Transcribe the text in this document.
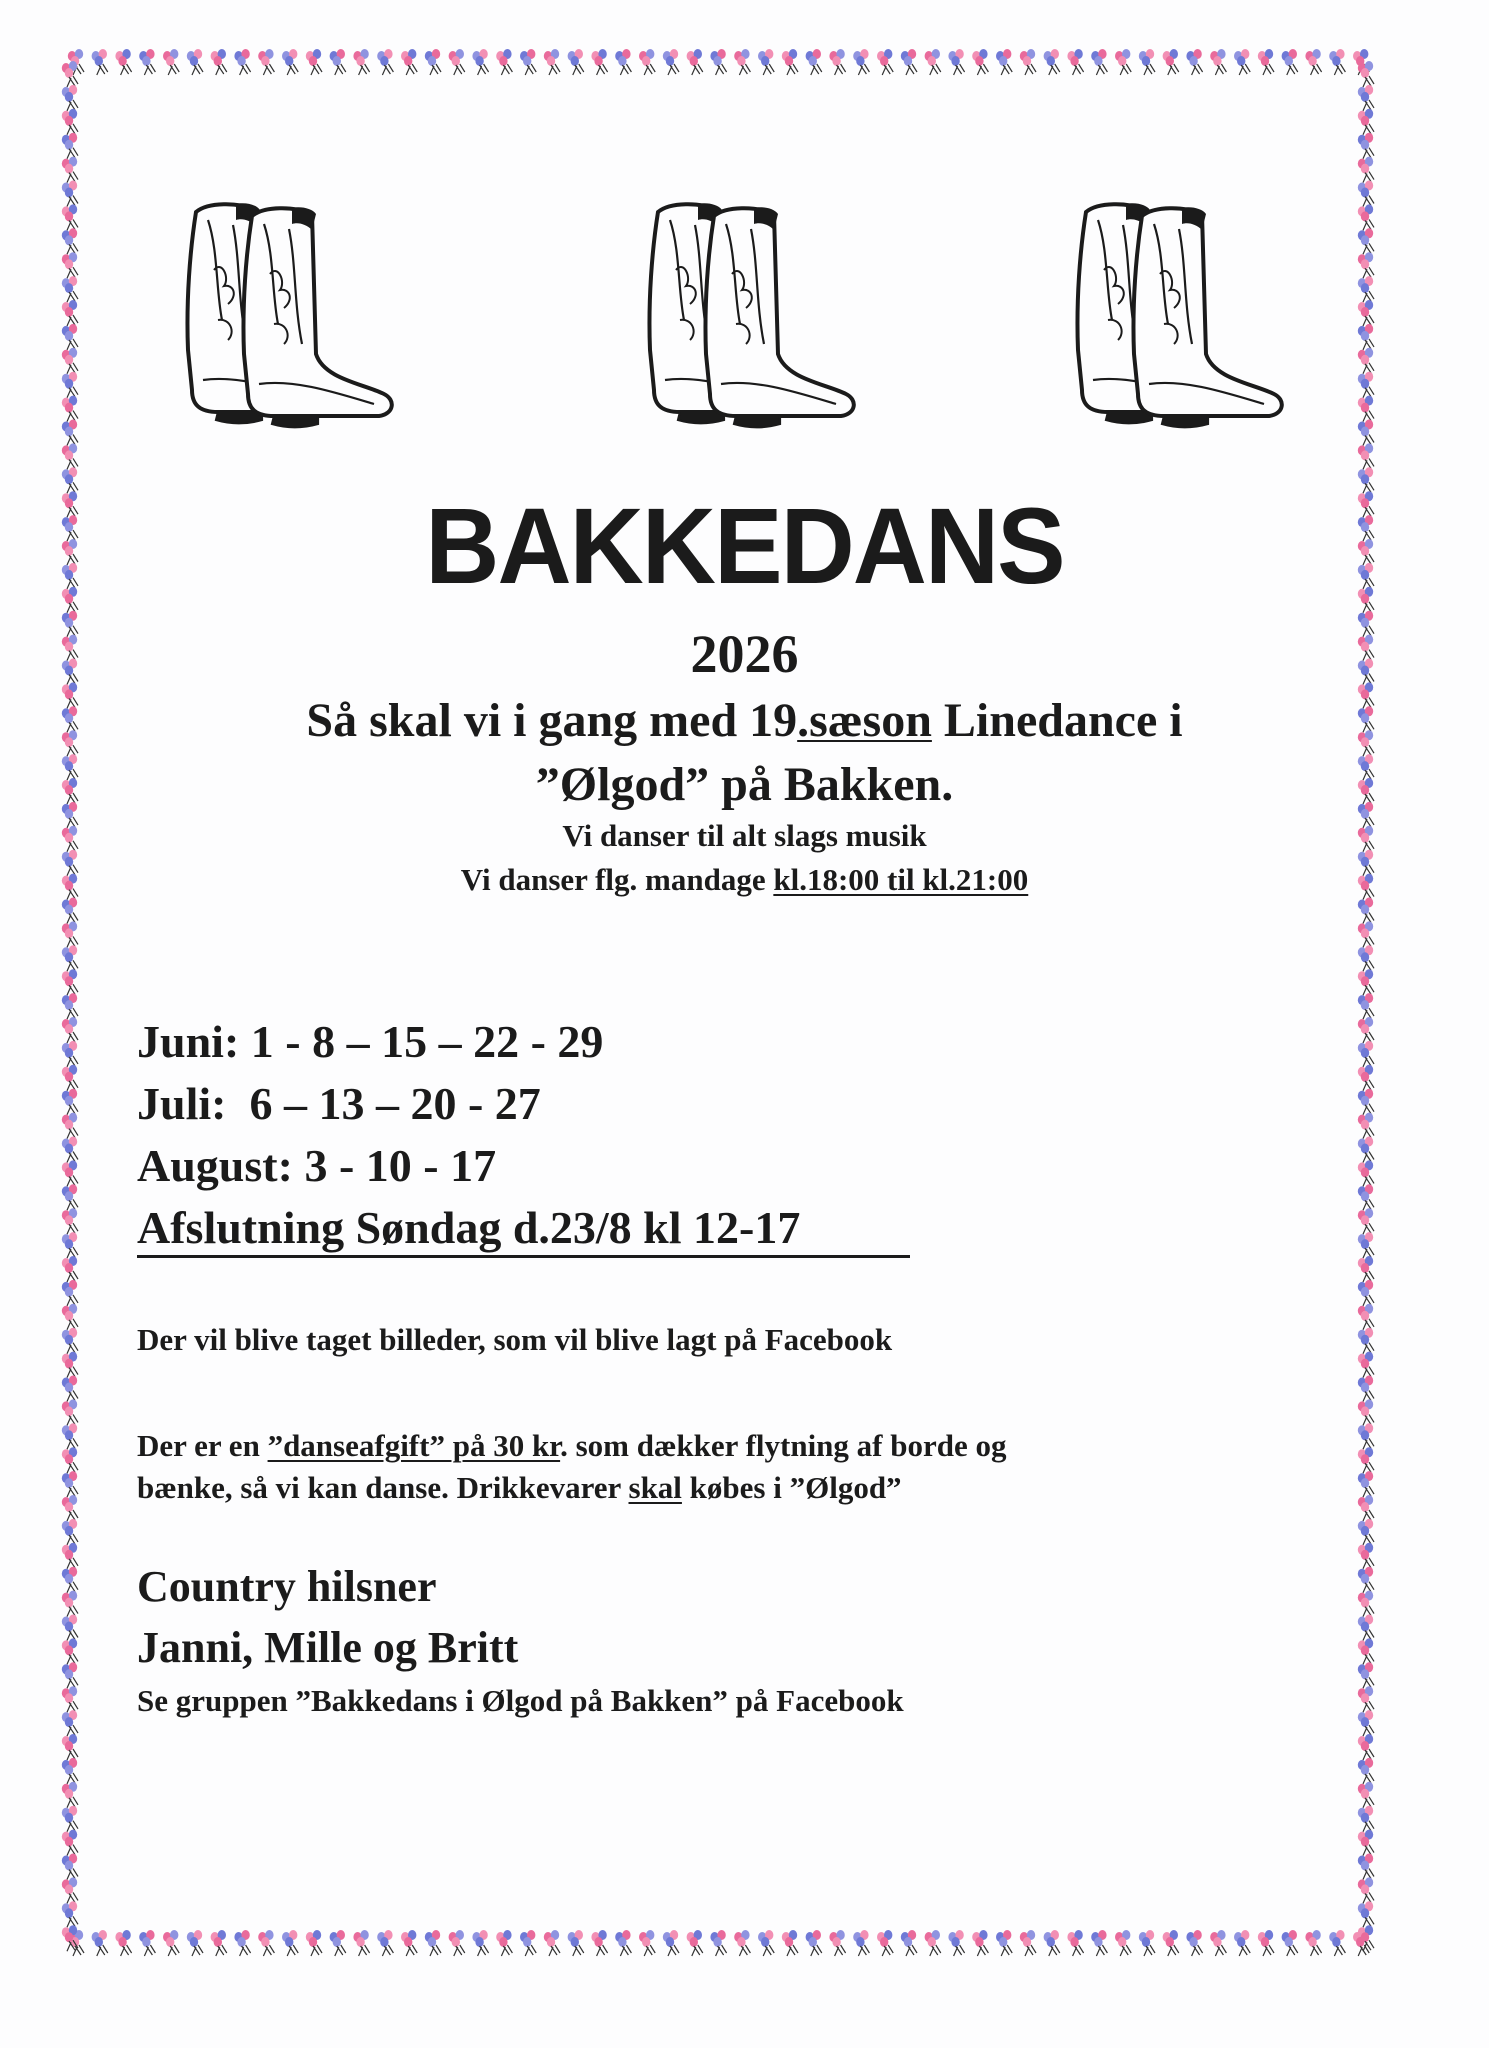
BAKKEDANS

2026

Så skal vi i gang med 19.sæson Linedance i

”Ølgod” på Bakken.

Vi danser til alt slags musik

Vi danser flg. mandage kl.18:00 til kl.21:00

Juni: 1 - 8 – 15 – 22 - 29

Juli:  6 – 13 – 20 - 27

August: 3 - 10 - 17

Afslutning Søndag d.23/8 kl 12-17

Der vil blive taget billeder, som vil blive lagt på Facebook

Der er en ”danseafgift” på 30 kr. som dækker flytning af borde og

bænke, så vi kan danse. Drikkevarer skal købes i ”Ølgod”

Country hilsner

Janni, Mille og Britt

Se gruppen ”Bakkedans i Ølgod på Bakken” på Facebook
